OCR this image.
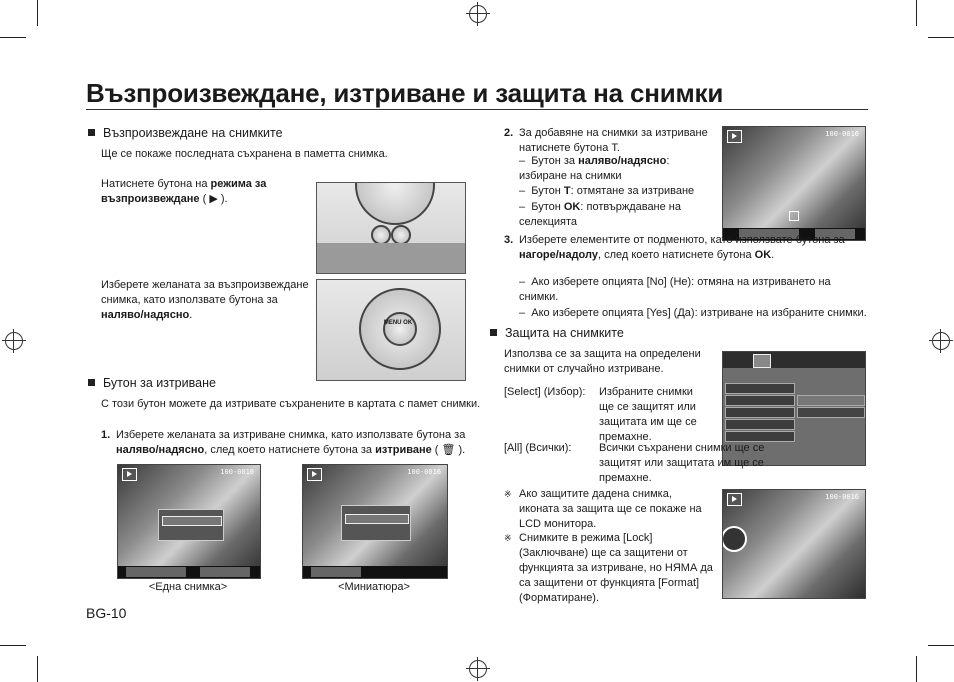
Възпроизвеждане, изтриване и защита на снимки
Възпроизвеждане на снимките
Ще се покаже последната съхранена в паметта снимка.
Натиснете бутона на режима за възпроизвеждане ( ▶ ).
Изберете желаната за възпроизвеждане снимка, като използвате бутона за наляво/надясно.
MENU OK
Бутон за изтриване
С този бутон можете да изтривате съхранените в картата с памет снимки.
1. Изберете желаната за изтриване снимка, като използвате бутона за наляво/надясно, след което натиснете бутона за изтриване ( 🗑 ).
100-0016
<Една снимка>
100-0016
<Миниатюра>
BG-10
2. За добавяне на снимки за изтриване натиснете бутона T.
–  Бутон за наляво/надясно: избиране на снимки
–  Бутон T: отмятане за изтриване
–  Бутон OK: потвърждаване на селекцията
100-0016
3. Изберете елементите от подменюто, като използвате бутона за нагоре/надолу, след което натиснете бутона OK.
–  Ако изберете опцията [No] (Не): отмяна на изтриването на снимки.
–  Ако изберете опцията [Yes] (Да): изтриване на избраните снимки.
Защита на снимките
Използва се за защита на определени снимки от случайно изтриване.
[Select] (Избор):	Избраните снимки ще се защитят или защитата им ще се премахне.
[All] (Всички):	Всички съхранени снимки ще се защитят или защитата им ще се премахне.
※ Ако защитите дадена снимка, иконата за защита ще се покаже на LCD монитора.
※ Снимките в режима [Lock] (Заключване) ще са защитени от функцията за изтриване, но НЯМА да са защитени от функцията [Format] (Форматиране).
100-0016
